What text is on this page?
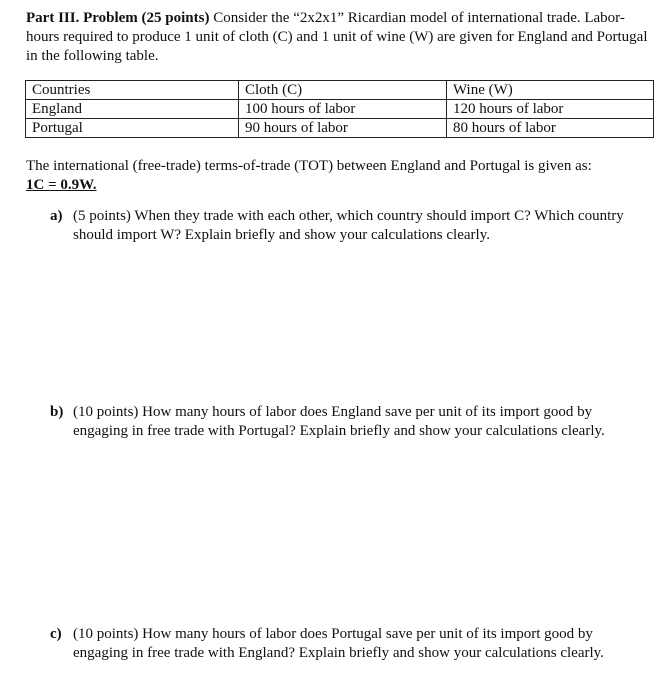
Part III. Problem (25 points) Consider the “2x2x1” Ricardian model of international trade. Labor-hours required to produce 1 unit of cloth (C) and 1 unit of wine (W) are given for England and Portugal in the following table.

Countries	Cloth (C)	Wine (W)
England	100 hours of labor	120 hours of labor
Portugal	90 hours of labor	80 hours of labor

The international (free-trade) terms-of-trade (TOT) between England and Portugal is given as:
1C = 0.9W.

a) (5 points) When they trade with each other, which country should import C? Which country should import W? Explain briefly and show your calculations clearly.
b) (10 points) How many hours of labor does England save per unit of its import good by engaging in free trade with Portugal? Explain briefly and show your calculations clearly.
c) (10 points) How many hours of labor does Portugal save per unit of its import good by engaging in free trade with England? Explain briefly and show your calculations clearly.
